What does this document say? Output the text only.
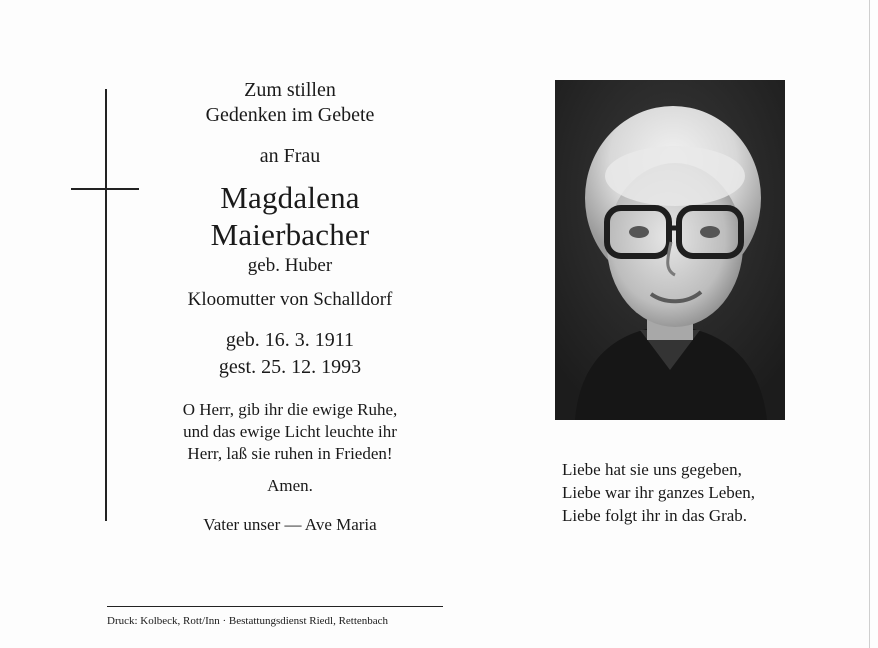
Zum stillen
Gedenken im Gebete
an Frau
Magdalena
Maierbacher
geb. Huber
Kloomutter von Schalldorf
geb. 16. 3. 1911
gest. 25. 12. 1993
O Herr, gib ihr die ewige Ruhe,
und das ewige Licht leuchte ihr
Herr, laß sie ruhen in Frieden!
Amen.
Vater unser — Ave Maria
Liebe hat sie uns gegeben,
Liebe war ihr ganzes Leben,
Liebe folgt ihr in das Grab.
Druck: Kolbeck, Rott/Inn · Bestattungsdienst Riedl, Rettenbach
